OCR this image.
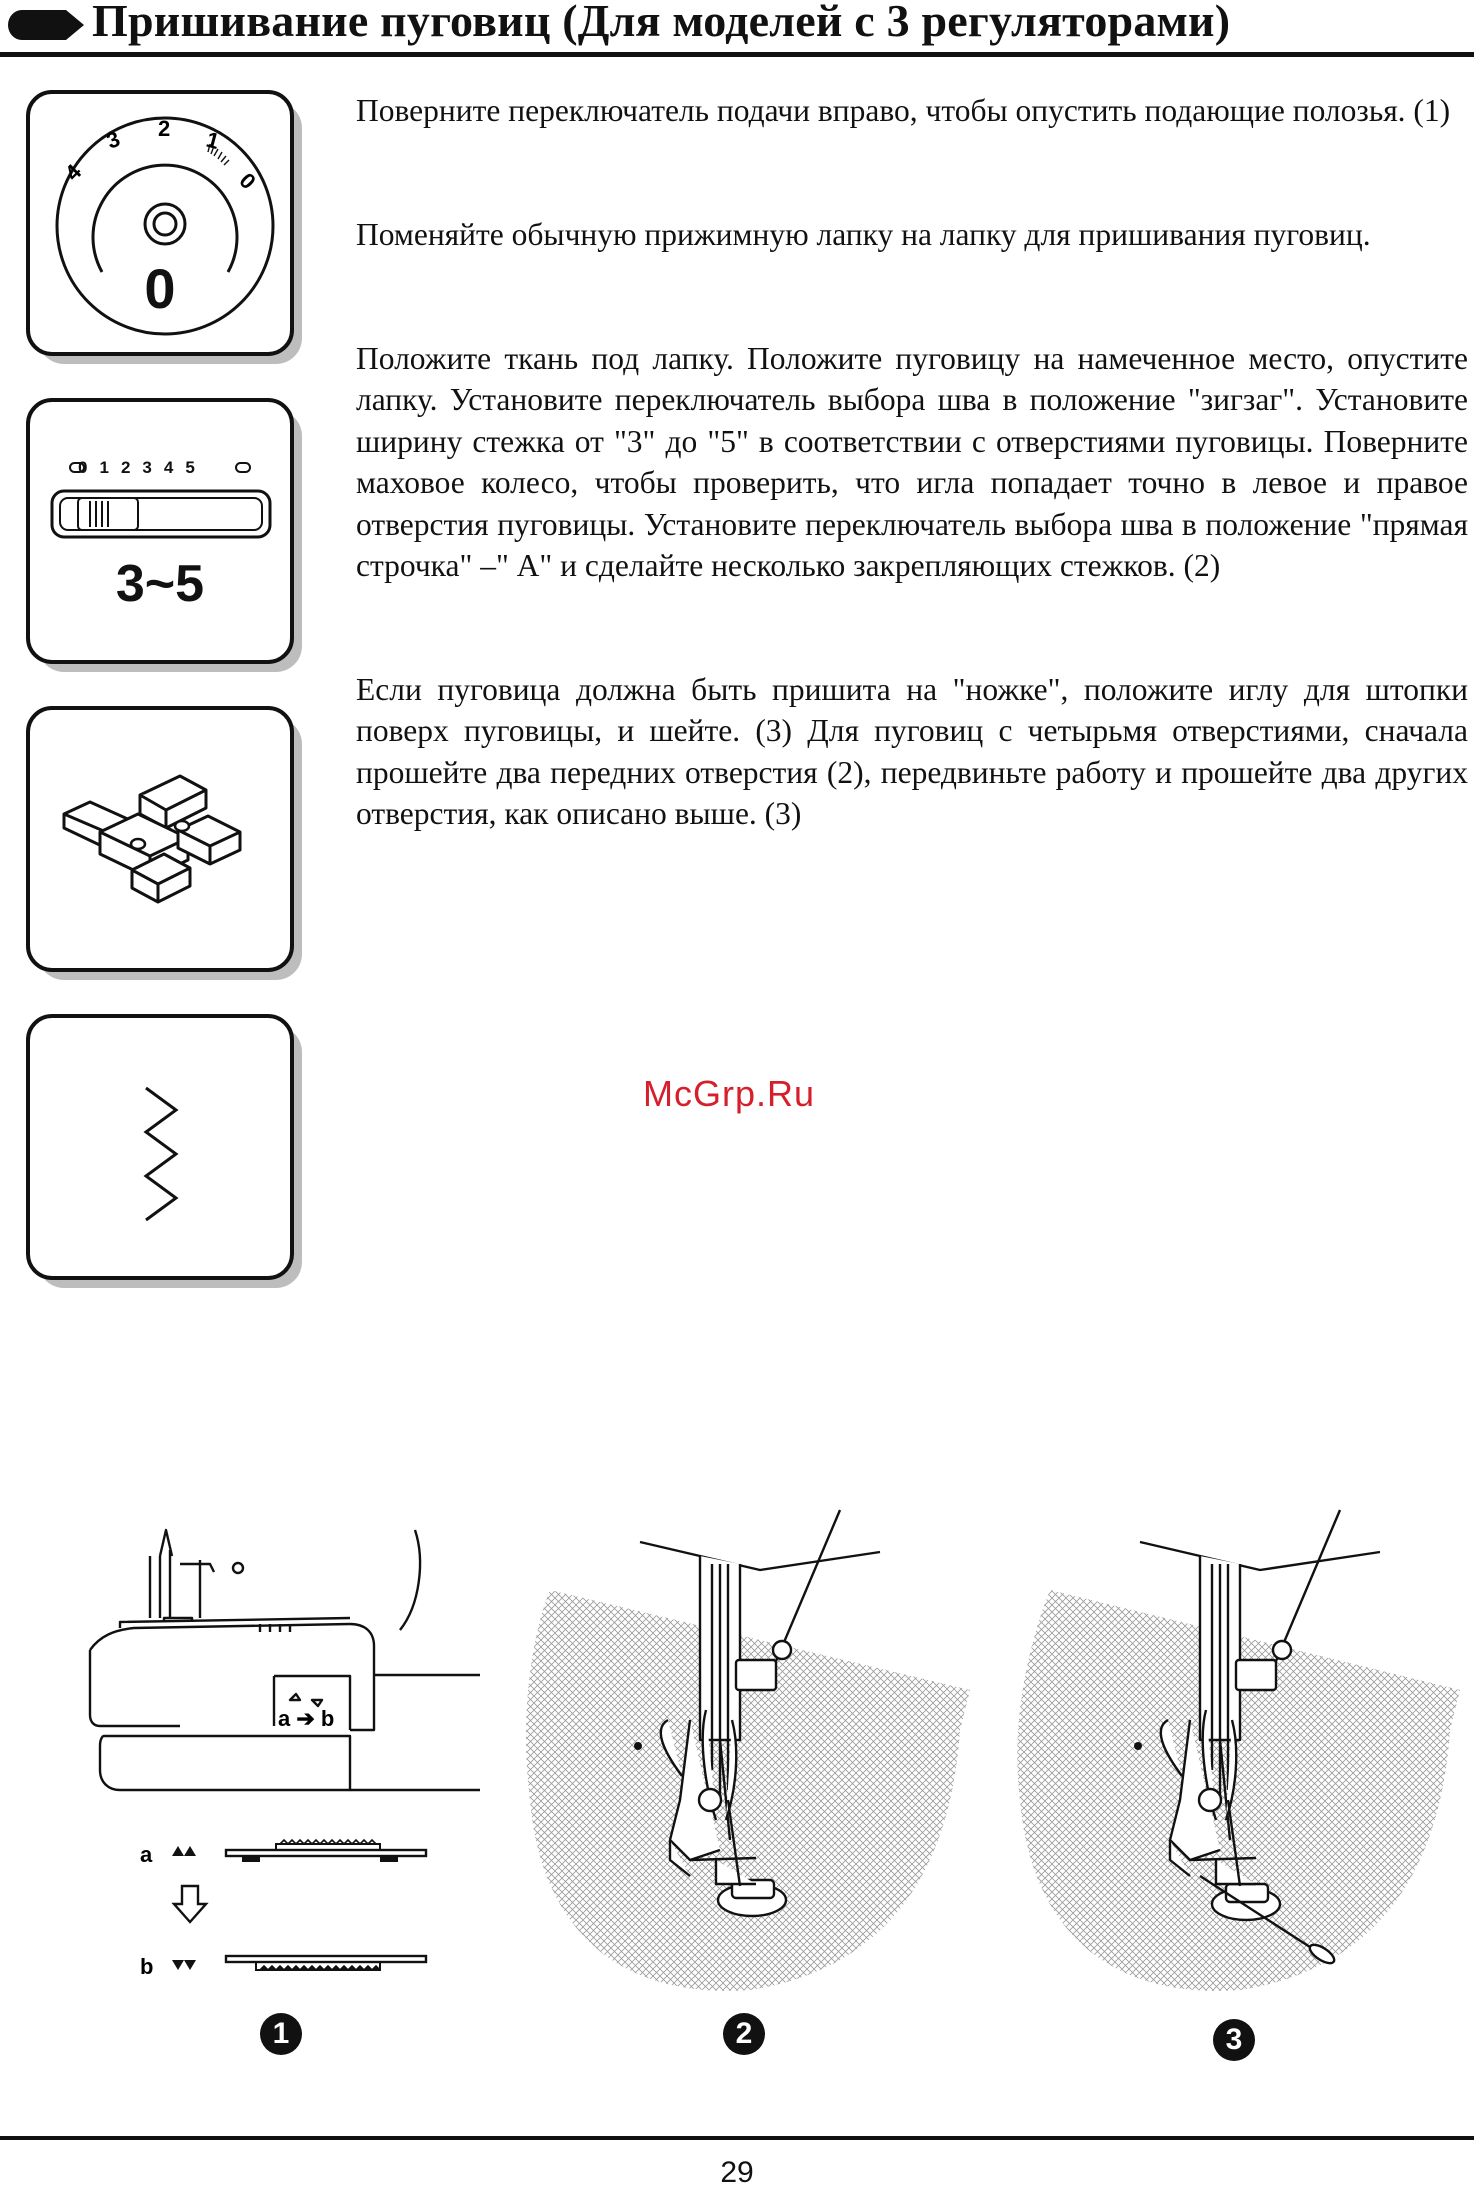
Пришивание пуговиц (Для моделей с 3 регуляторами)
4
3 2 1
0
0
0 1 2 3 4 5
3~5
Поверните переключатель подачи вправо, чтобы опустить подающие полозья. (1)
Поменяйте обычную прижимную лапку на лапку для пришивания пуговиц.
Положите ткань под лапку. Положите пуговицу на намеченное место, опустите лапку. Установите переключатель выбора шва в положение "зигзаг". Установите ширину стежка от "3" до "5" в соответствии с отверстиями пуговицы. Поверните маховое колесо, чтобы проверить, что игла попадает точно в левое и правое отверстия пуговицы. Установите переключатель выбора шва в положение "прямая строчка" –" A" и сделайте несколько закрепляющих стежков. (2)
Если пуговица должна быть пришита на "ножке", положите иглу для штопки поверх пуговицы, и шейте. (3) Для пуговиц с четырьмя отверстиями, сначала прошейте два передних отверстия (2), передвиньте работу и прошейте два других отверстия, как описано выше. (3)
McGrp.Ru
a ➔ b
a
b
1	2	3
29
